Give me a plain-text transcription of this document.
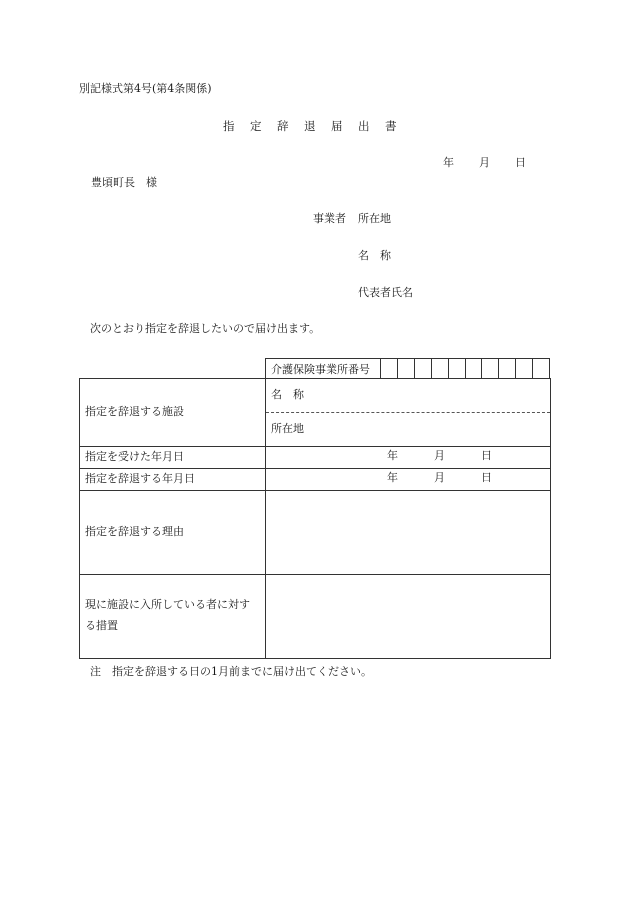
別記様式第4号(第4条関係)
指 定 辞 退 届 出 書
年 月 日
豊頃町長　様
事業者 所在地
名　称
代表者氏名
次のとおり指定を辞退したいので届け出ます。
介護保険事業所番号
指定を辞退する施設	名　称
所在地

指定を受けた年月日	年 月 日

指定を辞退する年月日	年 月 日

指定を辞退する理由	
現に施設に入所している者に対す
る措置	
注　指定を辞退する日の1月前までに届け出てください。
